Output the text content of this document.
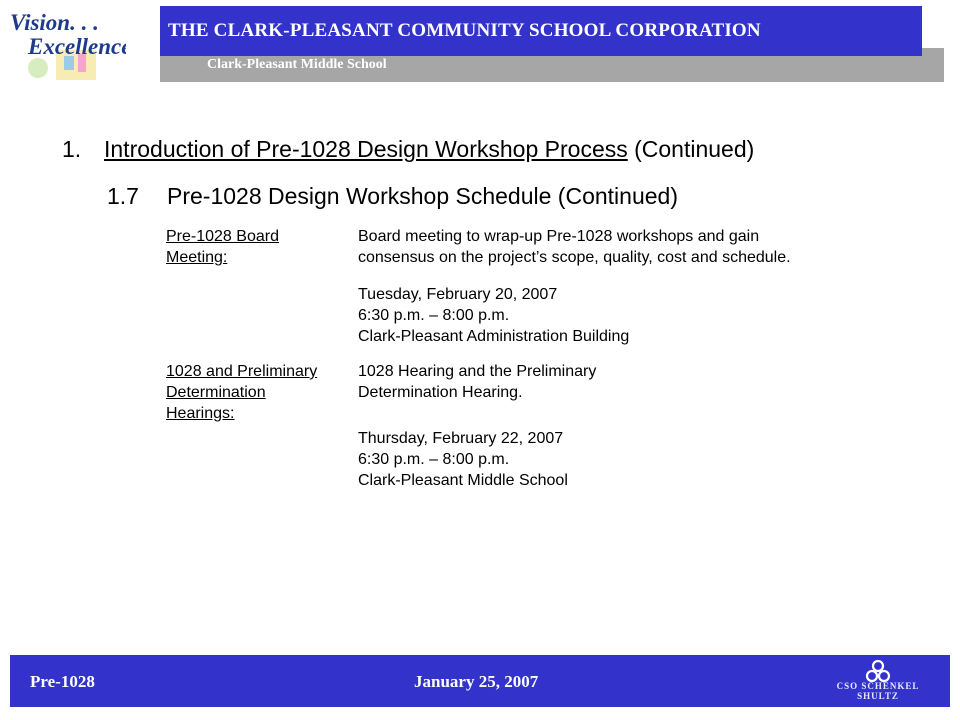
Vision. . .
Excellence
Clark-Pleasant Middle School
THE CLARK-PLEASANT COMMUNITY SCHOOL CORPORATION
1. Introduction of Pre-1028 Design Workshop Process (Continued)
1.7 Pre-1028 Design Workshop Schedule (Continued)
Pre-1028 Board
Meeting:
Board meeting to wrap-up Pre-1028 workshops and gain
consensus on the project’s scope, quality, cost and schedule.
Tuesday, February 20, 2007
6:30 p.m. – 8:00 p.m.
Clark-Pleasant Administration Building
1028 and Preliminary
Determination
Hearings:
1028 Hearing and the Preliminary
Determination Hearing.
Thursday, February 22, 2007
6:30 p.m. – 8:00 p.m.
Clark-Pleasant Middle School
Pre-1028	January 25, 2007	CSO SCHENKEL SHULTZ
